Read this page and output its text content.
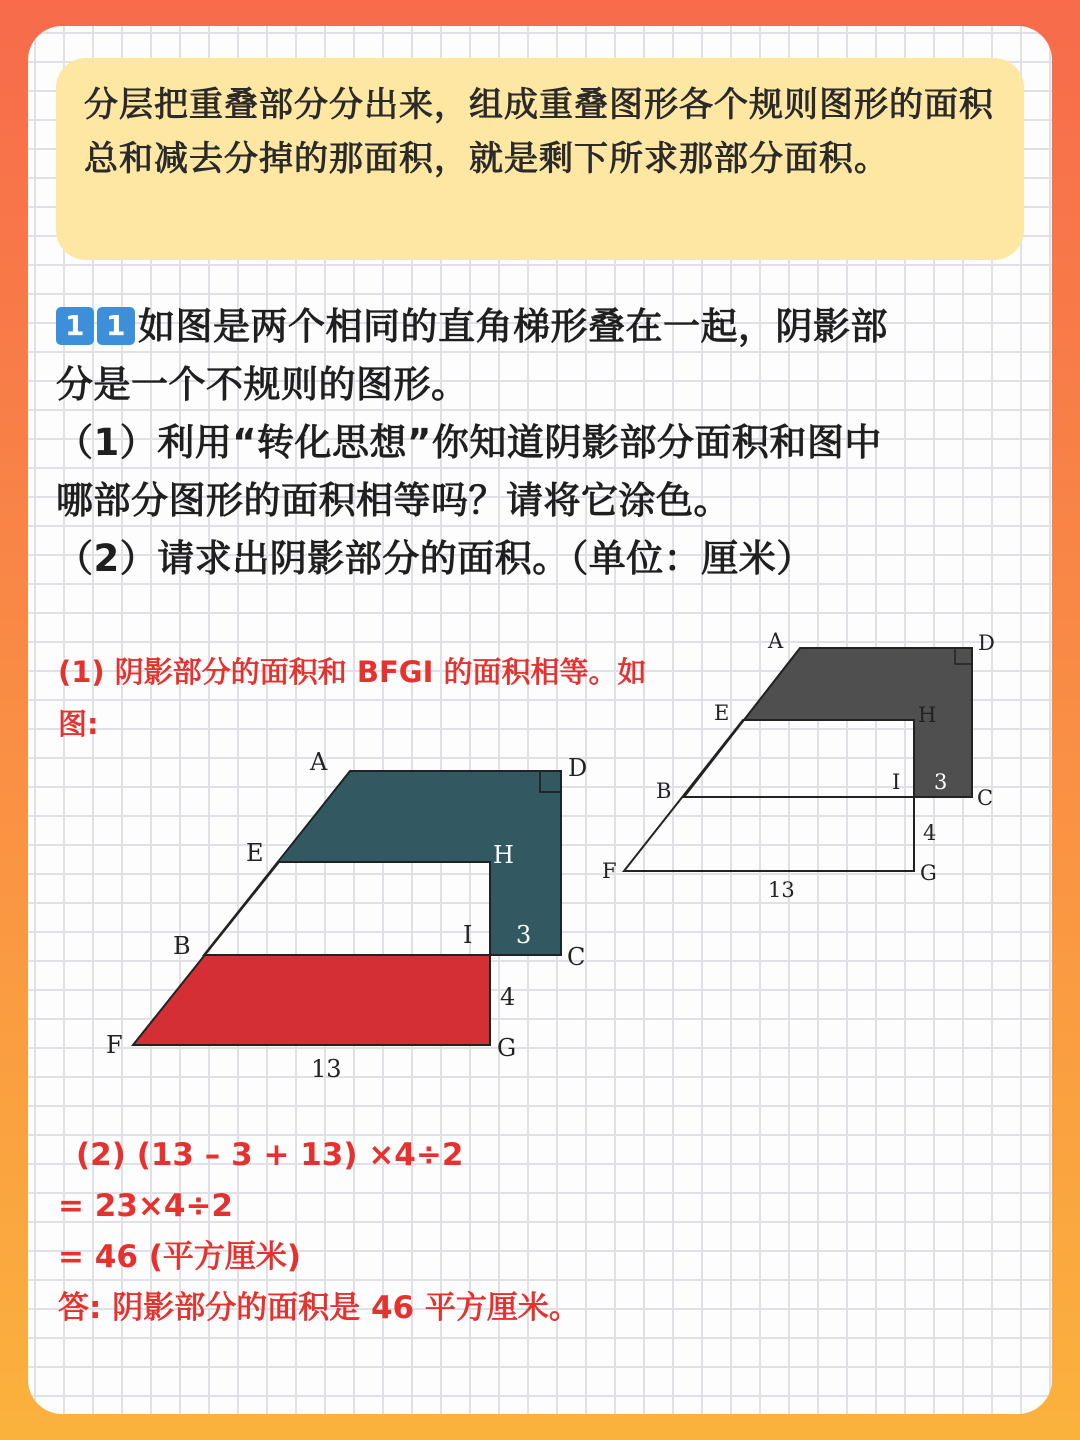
分层把重叠部分分出来，组成重叠图形各个规则图形的面积总和减去分掉的那面积，就是剩下所求那部分面积。
1 1 如图是两个相同的直角梯形叠在一起，阴影部
分是一个不规则的图形。
（1）利用“转化思想”你知道阴影部分面积和图中
哪部分图形的面积相等吗？请将它涂色。
（2）请求出阴影部分的面积。（单位：厘米）
(1) 阴影部分的面积和 BFGI 的面积相等。如图:
(2) (13 – 3 + 13) ×4÷2
= 23×4÷2
= 46 (平方厘米)
答: 阴影部分的面积是 46 平方厘米。
A	D
E	H
B	I 3
C
4
F	G
13
A	D
E	H
B	I 3
C
4
F	G
13
